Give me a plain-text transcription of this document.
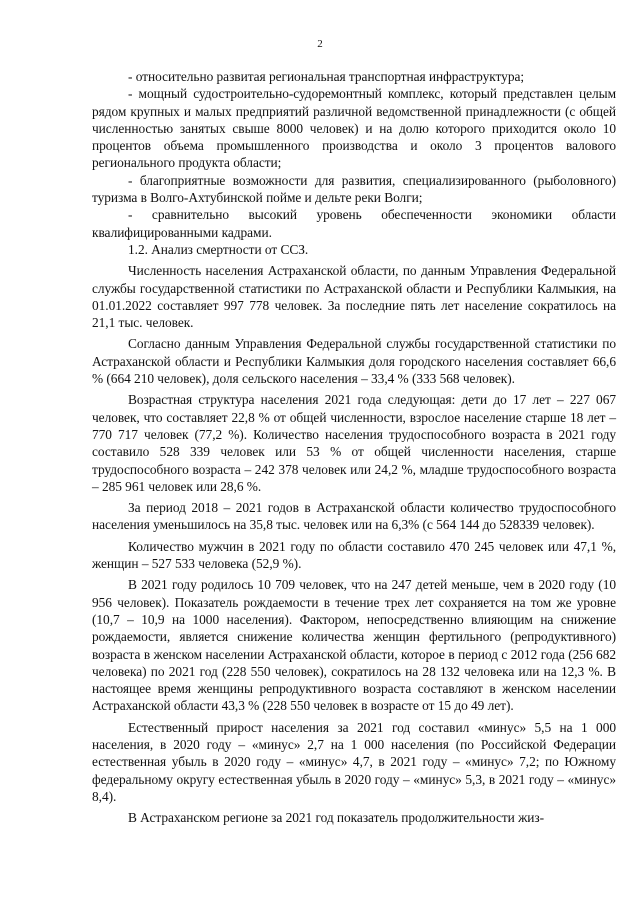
2

- относительно развитая региональная транспортная инфраструктура;

- мощный судостроительно-судоремонтный комплекс, который представлен целым рядом крупных и малых предприятий различной ведомственной принадлежности (с общей численностью занятых свыше 8000 человек) и на долю которого приходится около 10 процентов объема промышленного производства и около 3 процентов валового регионального продукта области;

- благоприятные возможности для развития, специализированного (рыболовного) туризма в Волго-Ахтубинской пойме и дельте реки Волги;

- сравнительно высокий уровень обеспеченности экономики области квалифицированными кадрами.

1.2. Анализ смертности от ССЗ.

Численность населения Астраханской области, по данным Управления Федеральной службы государственной статистики по Астраханской области и Республики Калмыкия, на 01.01.2022 составляет 997 778 человек. За последние пять лет население сократилось на 21,1 тыс. человек.

Согласно данным Управления Федеральной службы государственной статистики по Астраханской области и Республики Калмыкия доля городского населения составляет 66,6 % (664 210 человек), доля сельского населения – 33,4 % (333 568 человек).

Возрастная структура населения 2021 года следующая: дети до 17 лет – 227 067 человек, что составляет 22,8 % от общей численности, взрослое население старше 18 лет – 770 717 человек (77,2 %). Количество населения трудоспособного возраста в 2021 году составило 528 339 человек или 53 % от общей численности населения, старше трудоспособного возраста – 242 378 человек или 24,2 %, младше трудоспособного возраста – 285 961 человек или 28,6 %.

За период 2018 – 2021 годов в Астраханской области количество трудоспособного населения уменьшилось на 35,8 тыс. человек или на 6,3% (с 564 144 до 528339 человек).

Количество мужчин в 2021 году по области составило 470 245 человек или 47,1 %, женщин – 527 533 человека (52,9 %).

В 2021 году родилось 10 709 человек, что на 247 детей меньше, чем в 2020 году (10 956 человек). Показатель рождаемости в течение трех лет сохраняется на том же уровне (10,7 – 10,9 на 1000 населения). Фактором, непосредственно влияющим на снижение рождаемости, является снижение количества женщин фертильного (репродуктивного) возраста в женском населении Астраханской области, которое в период с 2012 года (256 682 человека) по 2021 год (228 550 человек), сократилось на 28 132 человека или на 12,3 %. В настоящее время женщины репродуктивного возраста составляют в женском населении Астраханской области 43,3 % (228 550 человек в возрасте от 15 до 49 лет).

Естественный прирост населения за 2021 год составил «минус» 5,5 на 1 000 населения, в 2020 году – «минус» 2,7 на 1 000 населения (по Российской Федерации естественная убыль в 2020 году – «минус» 4,7, в 2021 году – «минус» 7,2; по Южному федеральному округу естественная убыль в 2020 году – «минус» 5,3, в 2021 году – «минус» 8,4).

В Астраханском регионе за 2021 год показатель продолжительности жиз-
